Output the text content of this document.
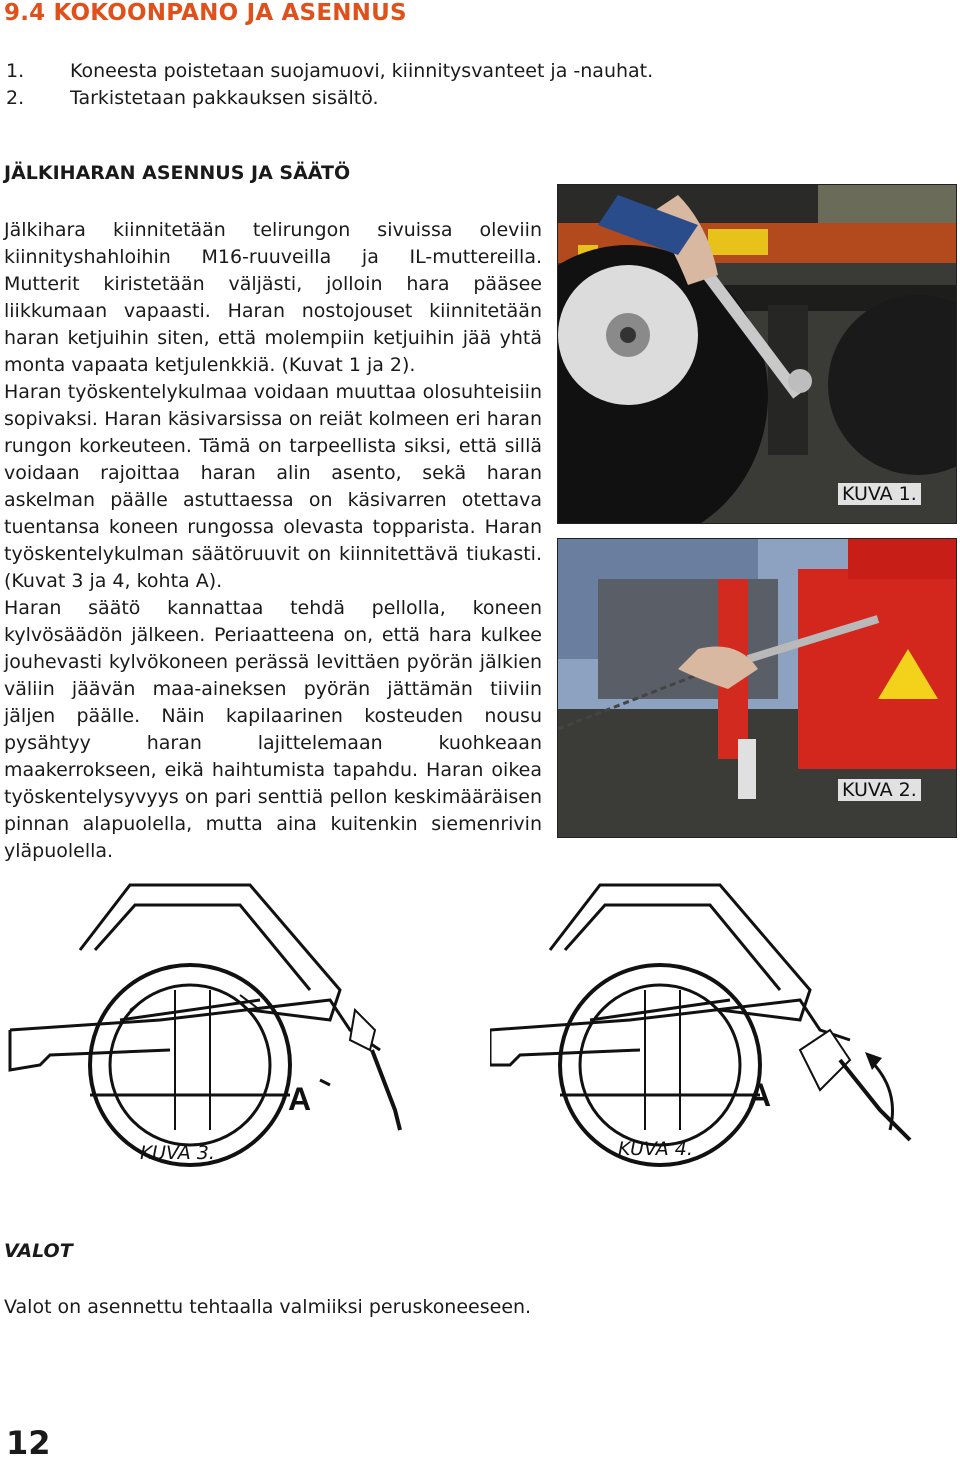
9.4 KOKOONPANO JA ASENNUS
1.	Koneesta poistetaan suojamuovi, kiinnitysvanteet ja -nauhat.
2.	Tarkistetaan pakkauksen sisältö.
JÄLKIHARAN ASENNUS JA SÄÄTÖ

Jälkihara kiinnitetään telirungon sivuissa oleviin kiinnityshahloihin M16-ruuveilla ja IL-muttereilla. Mutterit kiristetään väljästi, jolloin hara pääsee liikkumaan vapaasti. Haran nostojouset kiinnitetään haran ketjuihin siten, että molempiin ketjuihin jää yhtä monta vapaata ketjulenkkiä. (Kuvat 1 ja 2).

Haran työskentelykulmaa voidaan muuttaa olosuhteisiin sopivaksi. Haran käsivarsissa on reiät kolmeen eri haran rungon korkeuteen. Tämä on tarpeellista siksi, että sillä voidaan rajoittaa haran alin asento, sekä haran askelman päälle astuttaessa on käsivarren otettava tuentansa koneen rungossa olevasta topparista. Haran työskentelykulman säätöruuvit on kiinnitettävä tiukasti. (Kuvat 3 ja 4, kohta A).

Haran säätö kannattaa tehdä pellolla, koneen kylvösäädön jälkeen. Periaatteena on, että hara kulkee jouhevasti kylvökoneen perässä levittäen pyörän jälkien väliin jäävän maa-aineksen pyörän jättämän tiiviin jäljen päälle. Näin kapilaarinen kosteuden nousu pysähtyy haran lajittelemaan kuohkeaan maakerrokseen, eikä haihtumista tapahdu. Haran oikea työskentelysyvyys on pari senttiä pellon keskimääräisen pinnan alapuolella, mutta aina kuitenkin siemenrivin yläpuolella.

KUVA 1.
KUVA 2.
A
KUVA 3.
A
KUVA 4.
VALOT
Valot on asennettu tehtaalla valmiiksi peruskoneeseen.
12
